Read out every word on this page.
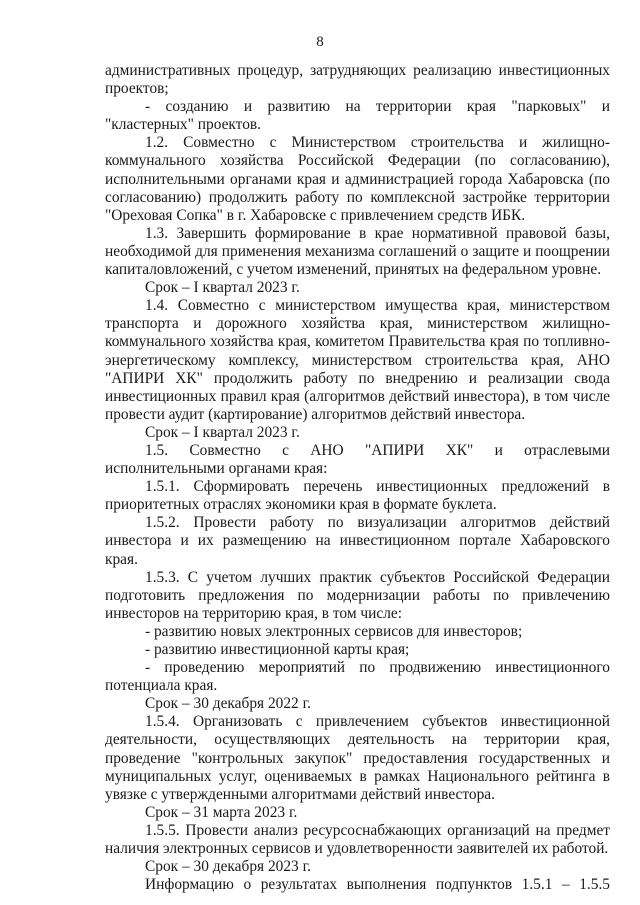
8

административных процедур, затрудняющих реализацию инвестиционных проектов;

- созданию и развитию на территории края "парковых" и "кластерных" проектов.

1.2. Совместно с Министерством строительства и жилищно-коммунального хозяйства Российской Федерации (по согласованию), исполнительными органами края и администрацией города Хабаровска (по согласованию) продолжить работу по комплексной застройке территории "Ореховая Сопка" в г. Хабаровске с привлечением средств ИБК.

1.3. Завершить формирование в крае нормативной правовой базы, необходимой для применения механизма соглашений о защите и поощрении капиталовложений, с учетом изменений, принятых на федеральном уровне.

Срок – I квартал 2023 г.

1.4. Совместно с министерством имущества края, министерством транспорта и дорожного хозяйства края, министерством жилищно-коммунального хозяйства края, комитетом Правительства края по топливно-энергетическому комплексу, министерством строительства края, АНО "АПИРИ ХК" продолжить работу по внедрению и реализации свода инвестиционных правил края (алгоритмов действий инвестора), в том числе провести аудит (картирование) алгоритмов действий инвестора.

Срок – I квартал 2023 г.

1.5. Совместно с АНО "АПИРИ ХК" и отраслевыми исполнительными органами края:

1.5.1. Сформировать перечень инвестиционных предложений в приоритетных отраслях экономики края в формате буклета.

1.5.2. Провести работу по визуализации алгоритмов действий инвестора и их размещению на инвестиционном портале Хабаровского края.

1.5.3. С учетом лучших практик субъектов Российской Федерации подготовить предложения по модернизации работы по привлечению инвесторов на территорию края, в том числе:

- развитию новых электронных сервисов для инвесторов;

- развитию инвестиционной карты края;

- проведению мероприятий по продвижению инвестиционного потенциала края.

Срок – 30 декабря 2022 г.

1.5.4. Организовать с привлечением субъектов инвестиционной деятельности, осуществляющих деятельность на территории края, проведение "контрольных закупок" предоставления государственных и муниципальных услуг, оцениваемых в рамках Национального рейтинга в увязке с утвержденными алгоритмами действий инвестора.

Срок – 31 марта 2023 г.

1.5.5. Провести анализ ресурсоснабжающих организаций на предмет наличия электронных сервисов и удовлетворенности заявителей их работой.

Срок – 30 декабря 2023 г.

Информацию о результатах выполнения подпунктов 1.5.1 – 1.5.5
